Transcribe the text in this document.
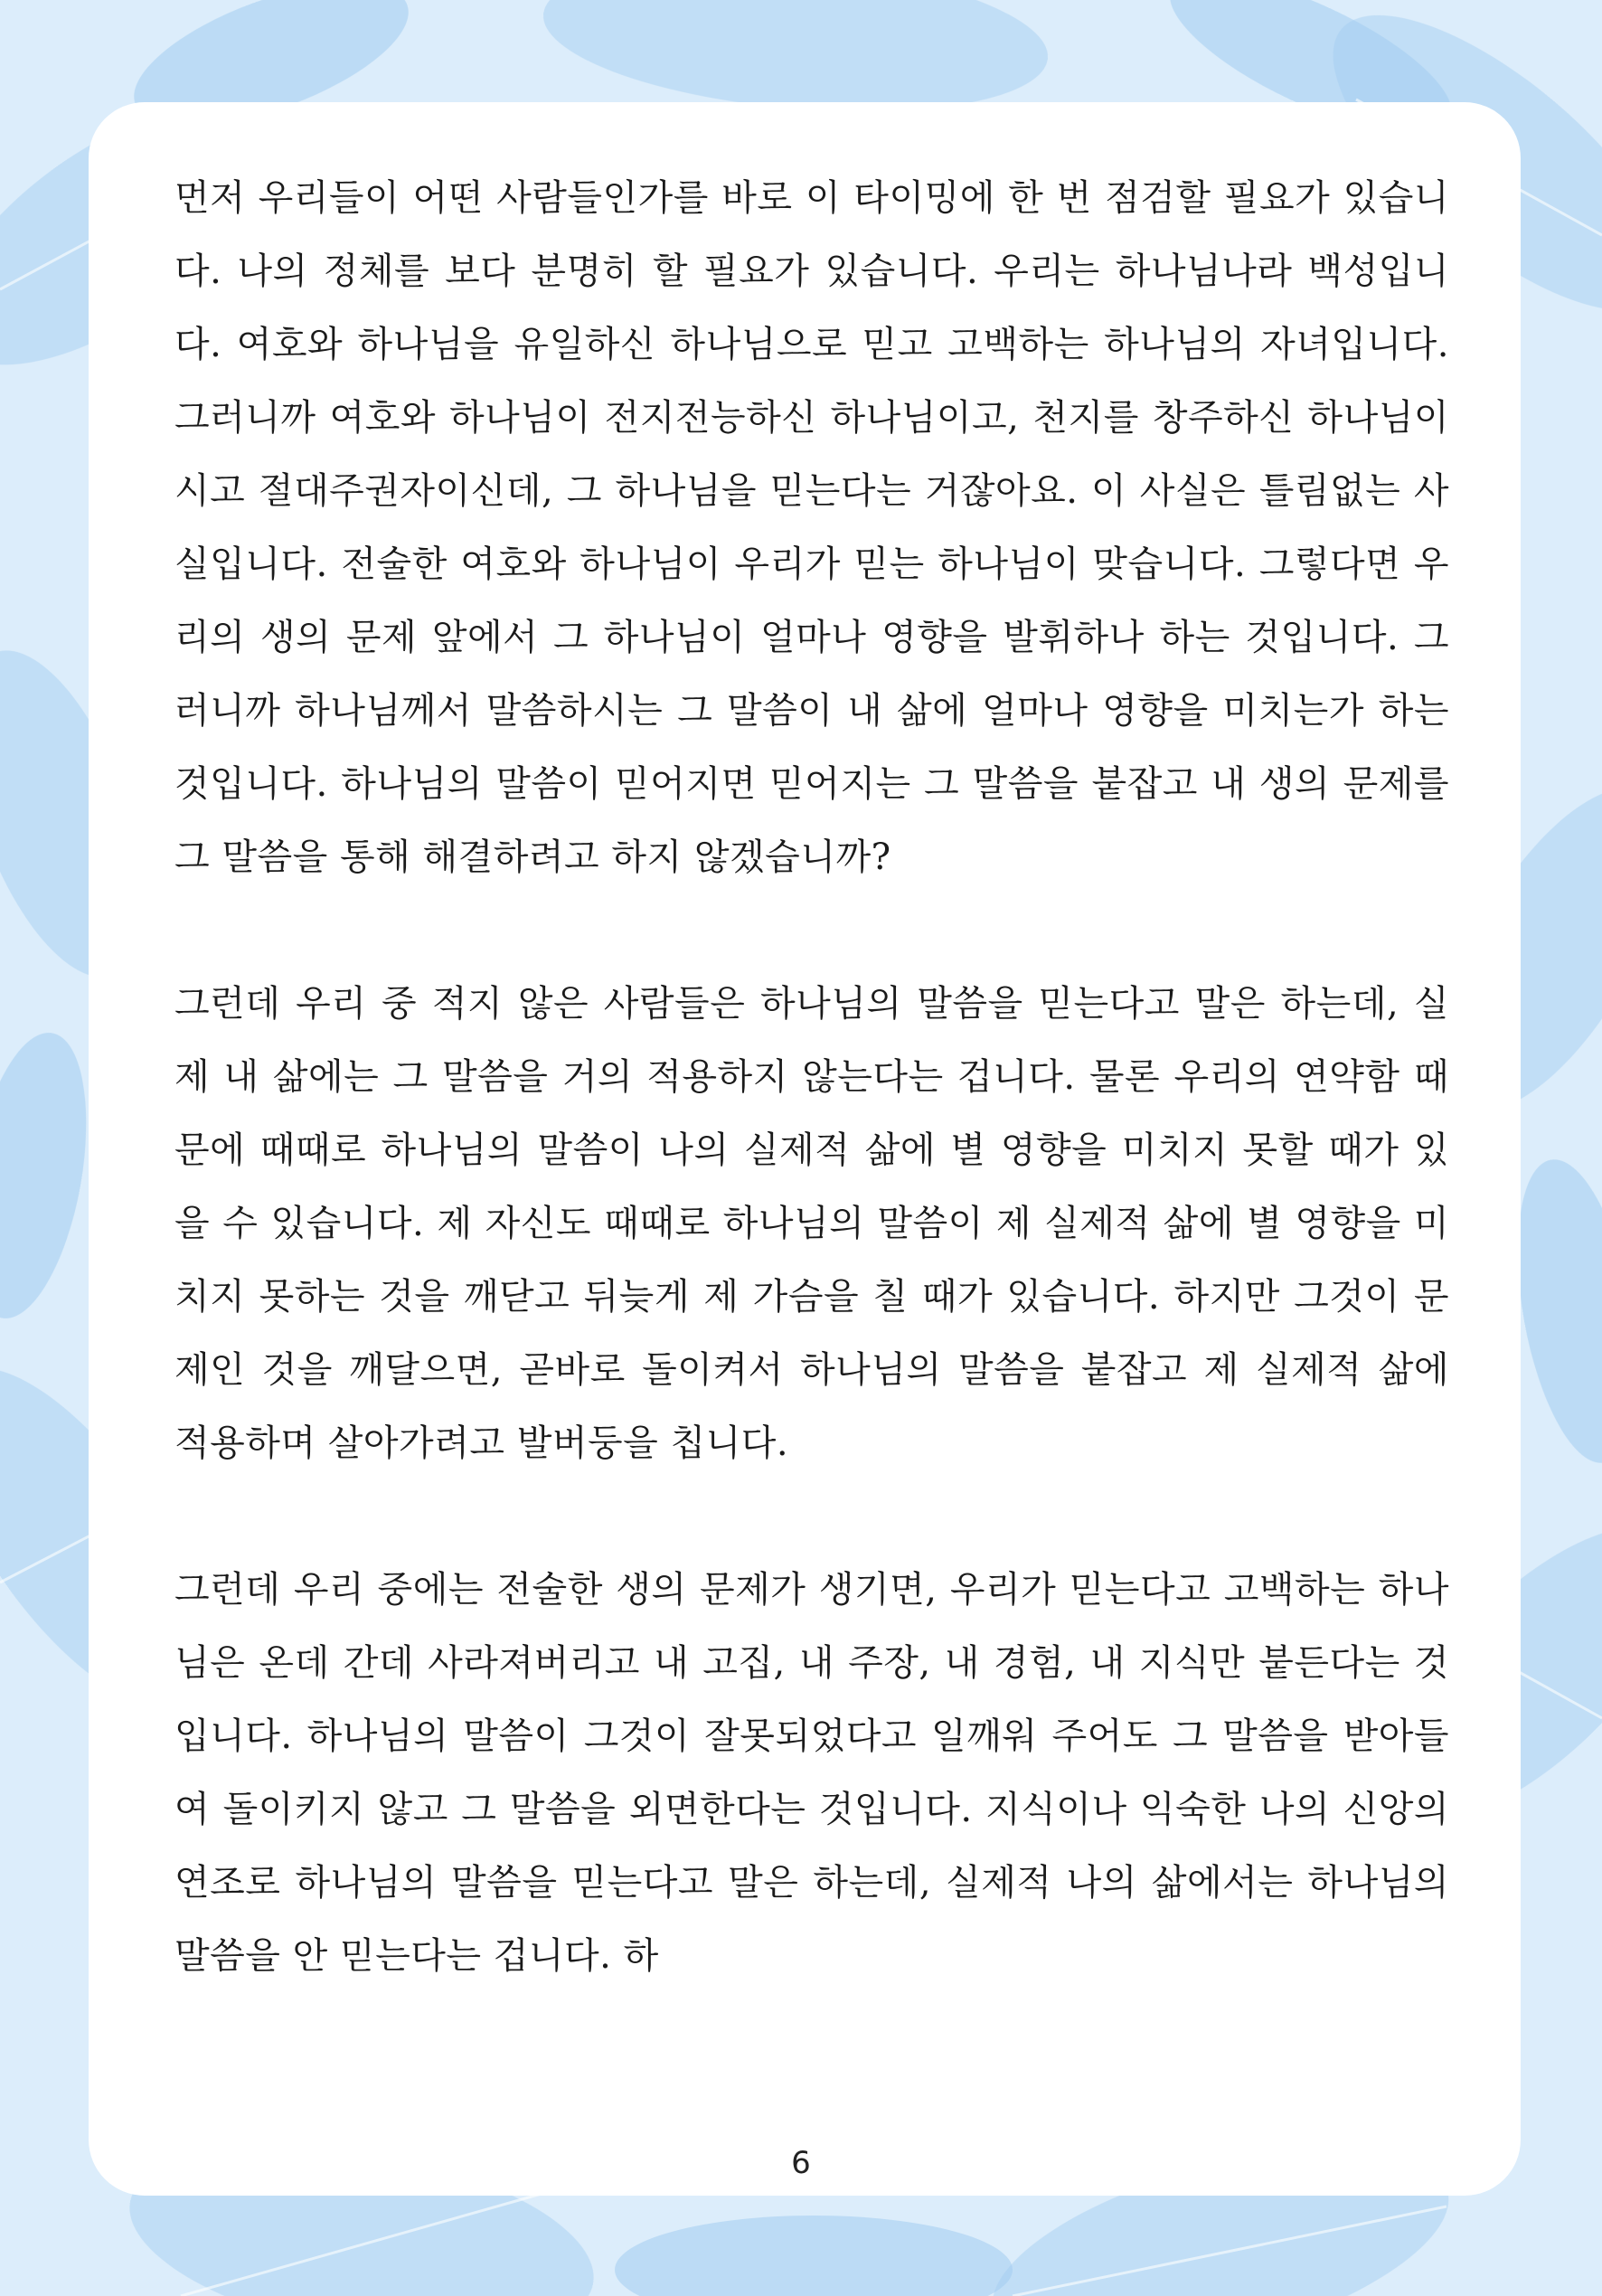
먼저 우리들이 어떤 사람들인가를 바로 이 타이밍에 한 번 점검할 필요가 있습니다. 나의 정체를 보다 분명히 할 필요가 있습니다. 우리는 하나님나라 백성입니다. 여호와 하나님을 유일하신 하나님으로 믿고 고백하는 하나님의 자녀입니다. 그러니까 여호와 하나님이 전지전능하신 하나님이고, 천지를 창주하신 하나님이시고 절대주권자이신데, 그 하나님을 믿는다는 거잖아요. 이 사실은 틀림없는 사실입니다. 전술한 여호와 하나님이 우리가 믿는 하나님이 맞습니다. 그렇다면 우리의 생의 문제 앞에서 그 하나님이 얼마나 영향을 발휘하나 하는 것입니다. 그러니까 하나님께서 말씀하시는 그 말씀이 내 삶에 얼마나 영향을 미치는가 하는 것입니다. 하나님의 말씀이 믿어지면 믿어지는 그 말씀을 붙잡고 내 생의 문제를 그 말씀을 통해 해결하려고 하지 않겠습니까?

그런데 우리 중 적지 않은 사람들은 하나님의 말씀을 믿는다고 말은 하는데, 실제 내 삶에는 그 말씀을 거의 적용하지 않는다는 겁니다. 물론 우리의 연약함 때문에 때때로 하나님의 말씀이 나의 실제적 삶에 별 영향을 미치지 못할 때가 있을 수 있습니다. 제 자신도 때때로 하나님의 말씀이 제 실제적 삶에 별 영향을 미치지 못하는 것을 깨닫고 뒤늦게 제 가슴을 칠 때가 있습니다. 하지만 그것이 문제인 것을 깨달으면, 곧바로 돌이켜서 하나님의 말씀을 붙잡고 제 실제적 삶에 적용하며 살아가려고 발버둥을 칩니다.

그런데 우리 중에는 전술한 생의 문제가 생기면, 우리가 믿는다고 고백하는 하나님은 온데 간데 사라져버리고 내 고집, 내 주장, 내 경험, 내 지식만 붙든다는 것입니다. 하나님의 말씀이 그것이 잘못되었다고 일깨워 주어도 그 말씀을 받아들여 돌이키지 않고 그 말씀을 외면한다는 것입니다. 지식이나 익숙한 나의 신앙의 연조로 하나님의 말씀을 믿는다고 말은 하는데, 실제적 나의 삶에서는 하나님의 말씀을 안 믿는다는 겁니다. 하

6
